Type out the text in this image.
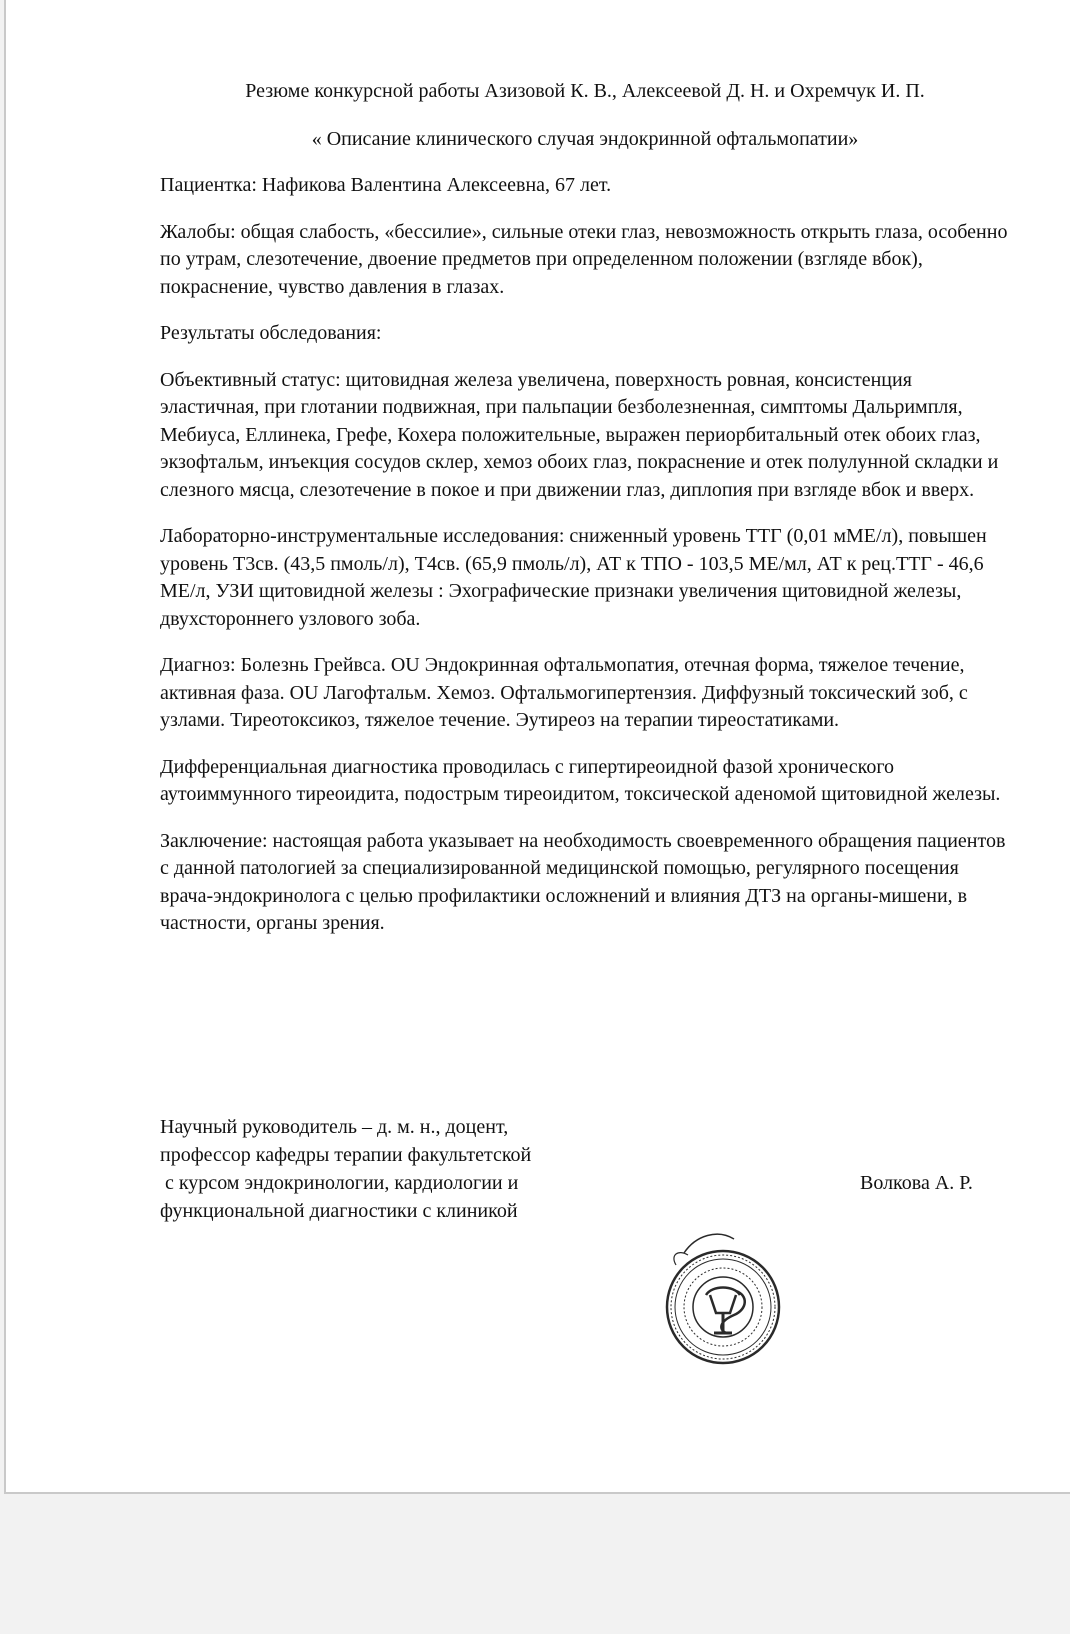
Резюме конкурсной работы Азизовой К. В., Алексеевой Д. Н. и Охремчук И. П.
« Описание клинического случая эндокринной офтальмопатии»

Пациентка: Нафикова Валентина Алексеевна, 67 лет.

Жалобы: общая слабость, «бессилие», сильные отеки глаз, невозможность открыть глаза, особенно по утрам, слезотечение, двоение предметов при определенном положении (взгляде вбок), покраснение, чувство давления в глазах.

Результаты обследования:

Объективный статус: щитовидная железа увеличена, поверхность ровная, консистенция эластичная, при глотании подвижная, при пальпации безболезненная, симптомы Дальримпля, Мебиуса, Еллинека, Грефе, Кохера положительные, выражен периорбитальный отек обоих глаз, экзофтальм, инъекция сосудов склер, хемоз обоих глаз, покраснение и отек полулунной складки и слезного мясца, слезотечение в покое и при движении глаз, диплопия при взгляде вбок и вверх.

Лабораторно-инструментальные исследования: сниженный уровень ТТГ (0,01 мМЕ/л), повышен уровень Т3св. (43,5 пмоль/л), Т4св. (65,9 пмоль/л), АТ к ТПО - 103,5 МЕ/мл, АТ к рец.ТТГ - 46,6 МЕ/л, УЗИ щитовидной железы : Эхографические признаки увеличения щитовидной железы, двухстороннего узлового зоба.

Диагноз: Болезнь Грейвса. OU Эндокринная офтальмопатия, отечная форма, тяжелое течение, активная фаза. OU Лагофтальм. Хемоз. Офтальмогипертензия. Диффузный токсический зоб, с узлами. Тиреотоксикоз, тяжелое течение. Эутиреоз на терапии тиреостатиками.

Дифференциальная диагностика проводилась с гипертиреоидной фазой хронического аутоиммунного тиреоидита, подострым тиреоидитом, токсической аденомой щитовидной железы.

Заключение: настоящая работа указывает на необходимость своевременного обращения пациентов с данной патологией за специализированной медицинской помощью, регулярного посещения врача-эндокринолога с целью профилактики осложнений и влияния ДТЗ на органы-мишени, в частности, органы зрения.

Научный руководитель – д. м. н., доцент,
профессор кафедры терапии факультетской
с курсом эндокринологии, кардиологии и
функциональной диагностики с клиникой
Волкова А. Р.
